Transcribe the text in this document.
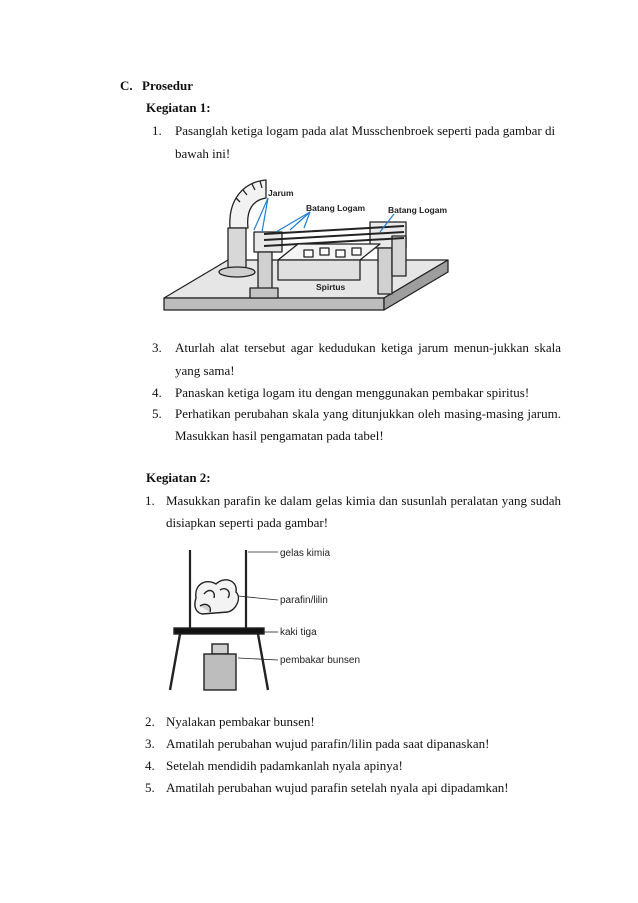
C. Prosedur
Kegiatan 1:
1. Pasanglah ketiga logam pada alat Musschenbroek seperti pada gambar di
bawah ini!
Jarum
Batang Logam	Batang Logam
Spirtus
3. Aturlah alat tersebut agar kedudukan ketiga jarum menun-jukkan skala
yang sama!
4. Panaskan ketiga logam itu dengan menggunakan pembakar spiritus!
5. Perhatikan perubahan skala yang ditunjukkan oleh masing-masing jarum.
Masukkan hasil pengamatan pada tabel!
Kegiatan 2:
1. Masukkan parafin ke dalam gelas kimia dan susunlah peralatan yang sudah
disiapkan seperti pada gambar!
gelas kimia
parafin/lilin
kaki tiga
pembakar bunsen
2. Nyalakan pembakar bunsen!
3. Amatilah perubahan wujud parafin/lilin pada saat dipanaskan!
4. Setelah mendidih padamkanlah nyala apinya!
5. Amatilah perubahan wujud parafin setelah nyala api dipadamkan!
